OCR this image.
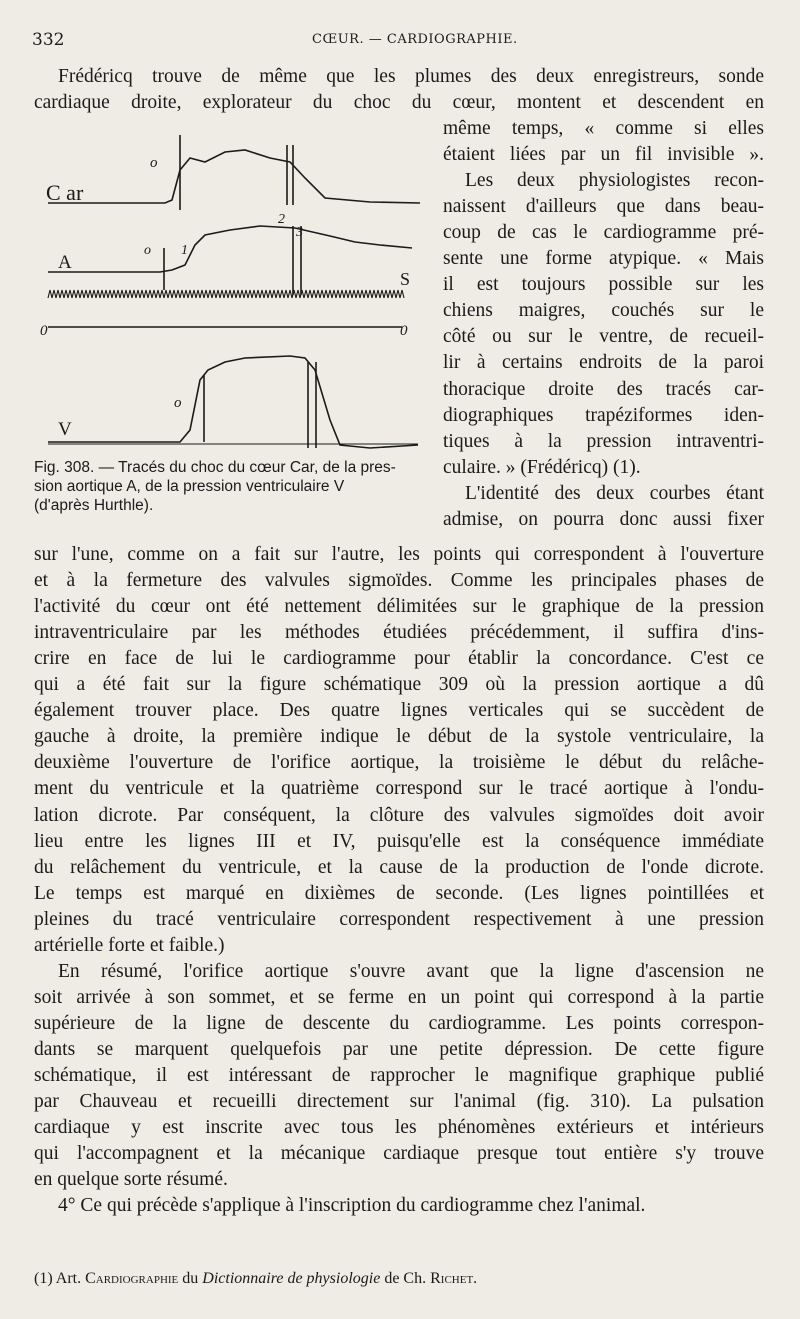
332	CŒUR. — CARDIOGRAPHIE.
Frédéricq trouve de même que les plumes des deux enregistreurs, sonde
cardiaque droite, explorateur du choc du cœur, montent et descendent en
même temps, « comme si elles
étaient liées par un fil invisible ».
Les deux physiologistes recon-
naissent d'ailleurs que dans beau-
coup de cas le cardiogramme pré-
sente une forme atypique. « Mais
il est toujours possible sur les
chiens maigres, couchés sur le
côté ou sur le ventre, de recueil-
lir à certains endroits de la paroi
thoracique droite des tracés car-
diographiques trapéziformes iden-
tiques à la pression intraventri-
culaire. » (Frédéricq) (1).
L'identité des deux courbes étant
admise, on pourra donc aussi fixer
C ar
A
V
S
0	0
o
o 1
2
3
o
Fig. 308. — Tracés du choc du cœur Car, de la pres-
sion aortique A, de la pression ventriculaire V
(d'après Hurthle).
sur l'une, comme on a fait sur l'autre, les points qui correspondent à l'ouverture
et à la fermeture des valvules sigmoïdes. Comme les principales phases de
l'activité du cœur ont été nettement délimitées sur le graphique de la pression
intraventriculaire par les méthodes étudiées précédemment, il suffira d'ins-
crire en face de lui le cardiogramme pour établir la concordance. C'est ce
qui a été fait sur la figure schématique 309 où la pression aortique a dû
également trouver place. Des quatre lignes verticales qui se succèdent de
gauche à droite, la première indique le début de la systole ventriculaire, la
deuxième l'ouverture de l'orifice aortique, la troisième le début du relâche-
ment du ventricule et la quatrième correspond sur le tracé aortique à l'ondu-
lation dicrote. Par conséquent, la clôture des valvules sigmoïdes doit avoir
lieu entre les lignes III et IV, puisqu'elle est la conséquence immédiate
du relâchement du ventricule, et la cause de la production de l'onde dicrote.
Le temps est marqué en dixièmes de seconde. (Les lignes pointillées et
pleines du tracé ventriculaire correspondent respectivement à une pression
artérielle forte et faible.)
En résumé, l'orifice aortique s'ouvre avant que la ligne d'ascension ne
soit arrivée à son sommet, et se ferme en un point qui correspond à la partie
supérieure de la ligne de descente du cardiogramme. Les points correspon-
dants se marquent quelquefois par une petite dépression. De cette figure
schématique, il est intéressant de rapprocher le magnifique graphique publié
par Chauveau et recueilli directement sur l'animal (fig. 310). La pulsation
cardiaque y est inscrite avec tous les phénomènes extérieurs et intérieurs
qui l'accompagnent et la mécanique cardiaque presque tout entière s'y trouve
en quelque sorte résumé.
4° Ce qui précède s'applique à l'inscription du cardiogramme chez l'animal.
(1) Art. Cardiographie du Dictionnaire de physiologie de Ch. Richet.
